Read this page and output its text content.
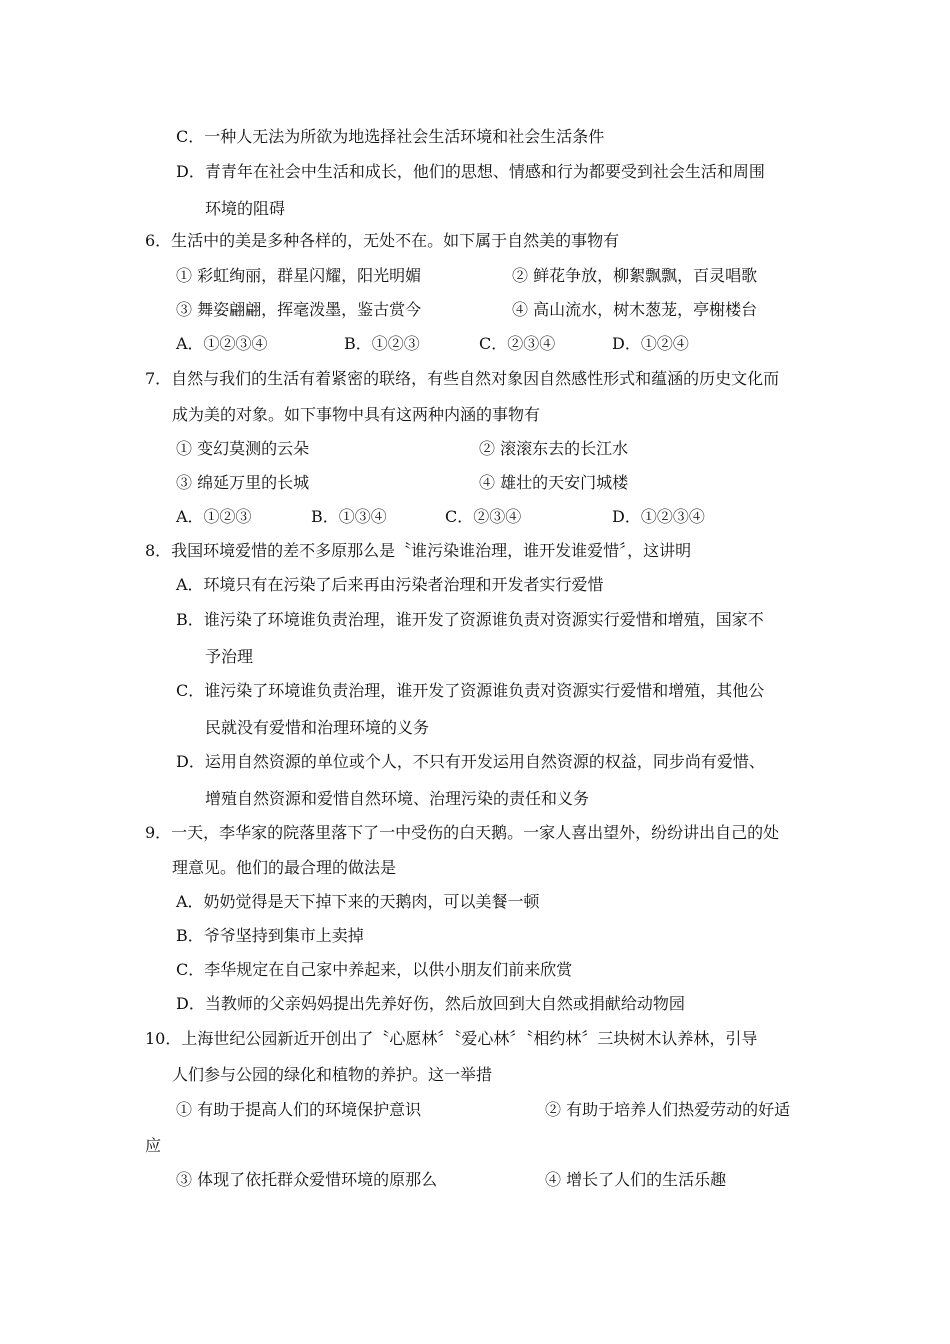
C．一种人无法为所欲为地选择社会生活环境和社会生活条件
D．青青年在社会中生活和成长，他们的思想、情感和行为都要受到社会生活和周围
环境的阻碍
6．生活中的美是多种各样的，无处不在。如下属于自然美的事物有
① 彩虹绚丽，群星闪耀，阳光明媚	② 鲜花争放，柳絮飘飘，百灵唱歌
③ 舞姿翩翩，挥毫泼墨，鉴古赏今	④ 高山流水，树木葱茏，亭榭楼台
A．①②③④	B．①②③	C．②③④	D．①②④
7．自然与我们的生活有着紧密的联络，有些自然对象因自然感性形式和蕴涵的历史文化而
成为美的对象。如下事物中具有这两种内涵的事物有
① 变幻莫测的云朵	② 滚滚东去的长江水
③ 绵延万里的长城	④ 雄壮的天安门城楼
A．①②③	B．①③④	C．②③④	D．①②③④
8．我国环境爱惜的差不多原那么是〝谁污染谁治理，谁开发谁爱惜〞，这讲明
A．环境只有在污染了后来再由污染者治理和开发者实行爱惜
B．谁污染了环境谁负责治理，谁开发了资源谁负责对资源实行爱惜和增殖，国家不
予治理
C．谁污染了环境谁负责治理，谁开发了资源谁负责对资源实行爱惜和增殖，其他公
民就没有爱惜和治理环境的义务
D．运用自然资源的单位或个人，不只有开发运用自然资源的权益，同步尚有爱惜、
增殖自然资源和爱惜自然环境、治理污染的责任和义务
9．一天，李华家的院落里落下了一中受伤的白天鹅。一家人喜出望外，纷纷讲出自己的处
理意见。他们的最合理的做法是
A．奶奶觉得是天下掉下来的天鹅肉，可以美餐一顿
B．爷爷坚持到集市上卖掉
C．李华规定在自己家中养起来，以供小朋友们前来欣赏
D．当教师的父亲妈妈提出先养好伤，然后放回到大自然或捐献给动物园
10．上海世纪公园新近开创出了〝心愿林〞〝爱心林〞〝相约林〞三块树木认养林，引导
人们参与公园的绿化和植物的养护。这一举措
① 有助于提高人们的环境保护意识	② 有助于培养人们热爱劳动的好适
应
③ 体现了依托群众爱惜环境的原那么	④ 增长了人们的生活乐趣
